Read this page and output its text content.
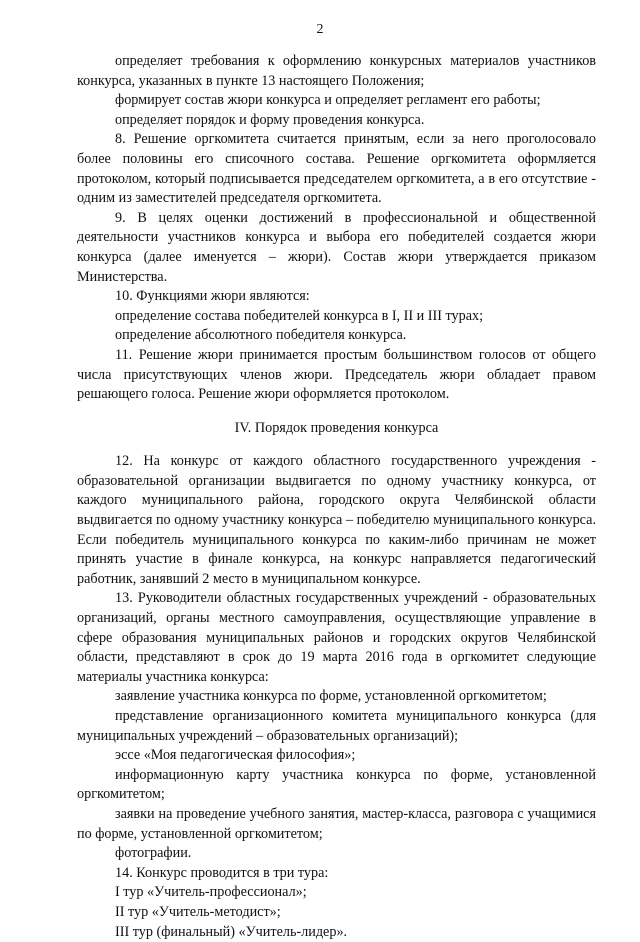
2

определяет требования к оформлению конкурсных материалов участников конкурса, указанных в пункте 13 настоящего Положения;

формирует состав жюри конкурса и определяет регламент его работы;

определяет порядок и форму проведения конкурса.

8. Решение оргкомитета считается принятым, если за него проголосовало более половины его списочного состава. Решение оргкомитета оформляется протоколом, который подписывается председателем оргкомитета, а в его отсутствие - одним из заместителей председателя оргкомитета.

9. В целях оценки достижений в профессиональной и общественной деятельности участников конкурса и выбора его победителей создается жюри конкурса (далее именуется – жюри). Состав жюри утверждается приказом Министерства.

10. Функциями жюри являются:

определение состава победителей конкурса в I, II и III турах;

определение абсолютного победителя конкурса.

11. Решение жюри принимается простым большинством голосов от общего числа присутствующих членов жюри. Председатель жюри обладает правом решающего голоса. Решение жюри оформляется протоколом.

IV. Порядок проведения конкурса

12. На конкурс от каждого областного государственного учреждения - образовательной организации выдвигается по одному участнику конкурса, от каждого муниципального района, городского округа Челябинской области выдвигается по одному участнику конкурса – победителю муниципального конкурса. Если победитель муниципального конкурса по каким-либо причинам не может принять участие в финале конкурса, на конкурс направляется педагогический работник, занявший 2 место в муниципальном конкурсе.

13. Руководители областных государственных учреждений - образовательных организаций, органы местного самоуправления, осуществляющие управление в сфере образования муниципальных районов и городских округов Челябинской области, представляют в срок до 19 марта 2016 года в оргкомитет следующие материалы участника конкурса:

заявление участника конкурса по форме, установленной оргкомитетом;

представление организационного комитета муниципального конкурса (для муниципальных учреждений – образовательных организаций);

эссе «Моя педагогическая философия»;

информационную карту участника конкурса по форме, установленной оргкомитетом;

заявки на проведение учебного занятия, мастер-класса, разговора с учащимися по форме, установленной оргкомитетом;

фотографии.

14. Конкурс проводится в три тура:

I тур «Учитель-профессионал»;

II тур «Учитель-методист»;

III тур (финальный) «Учитель-лидер».
